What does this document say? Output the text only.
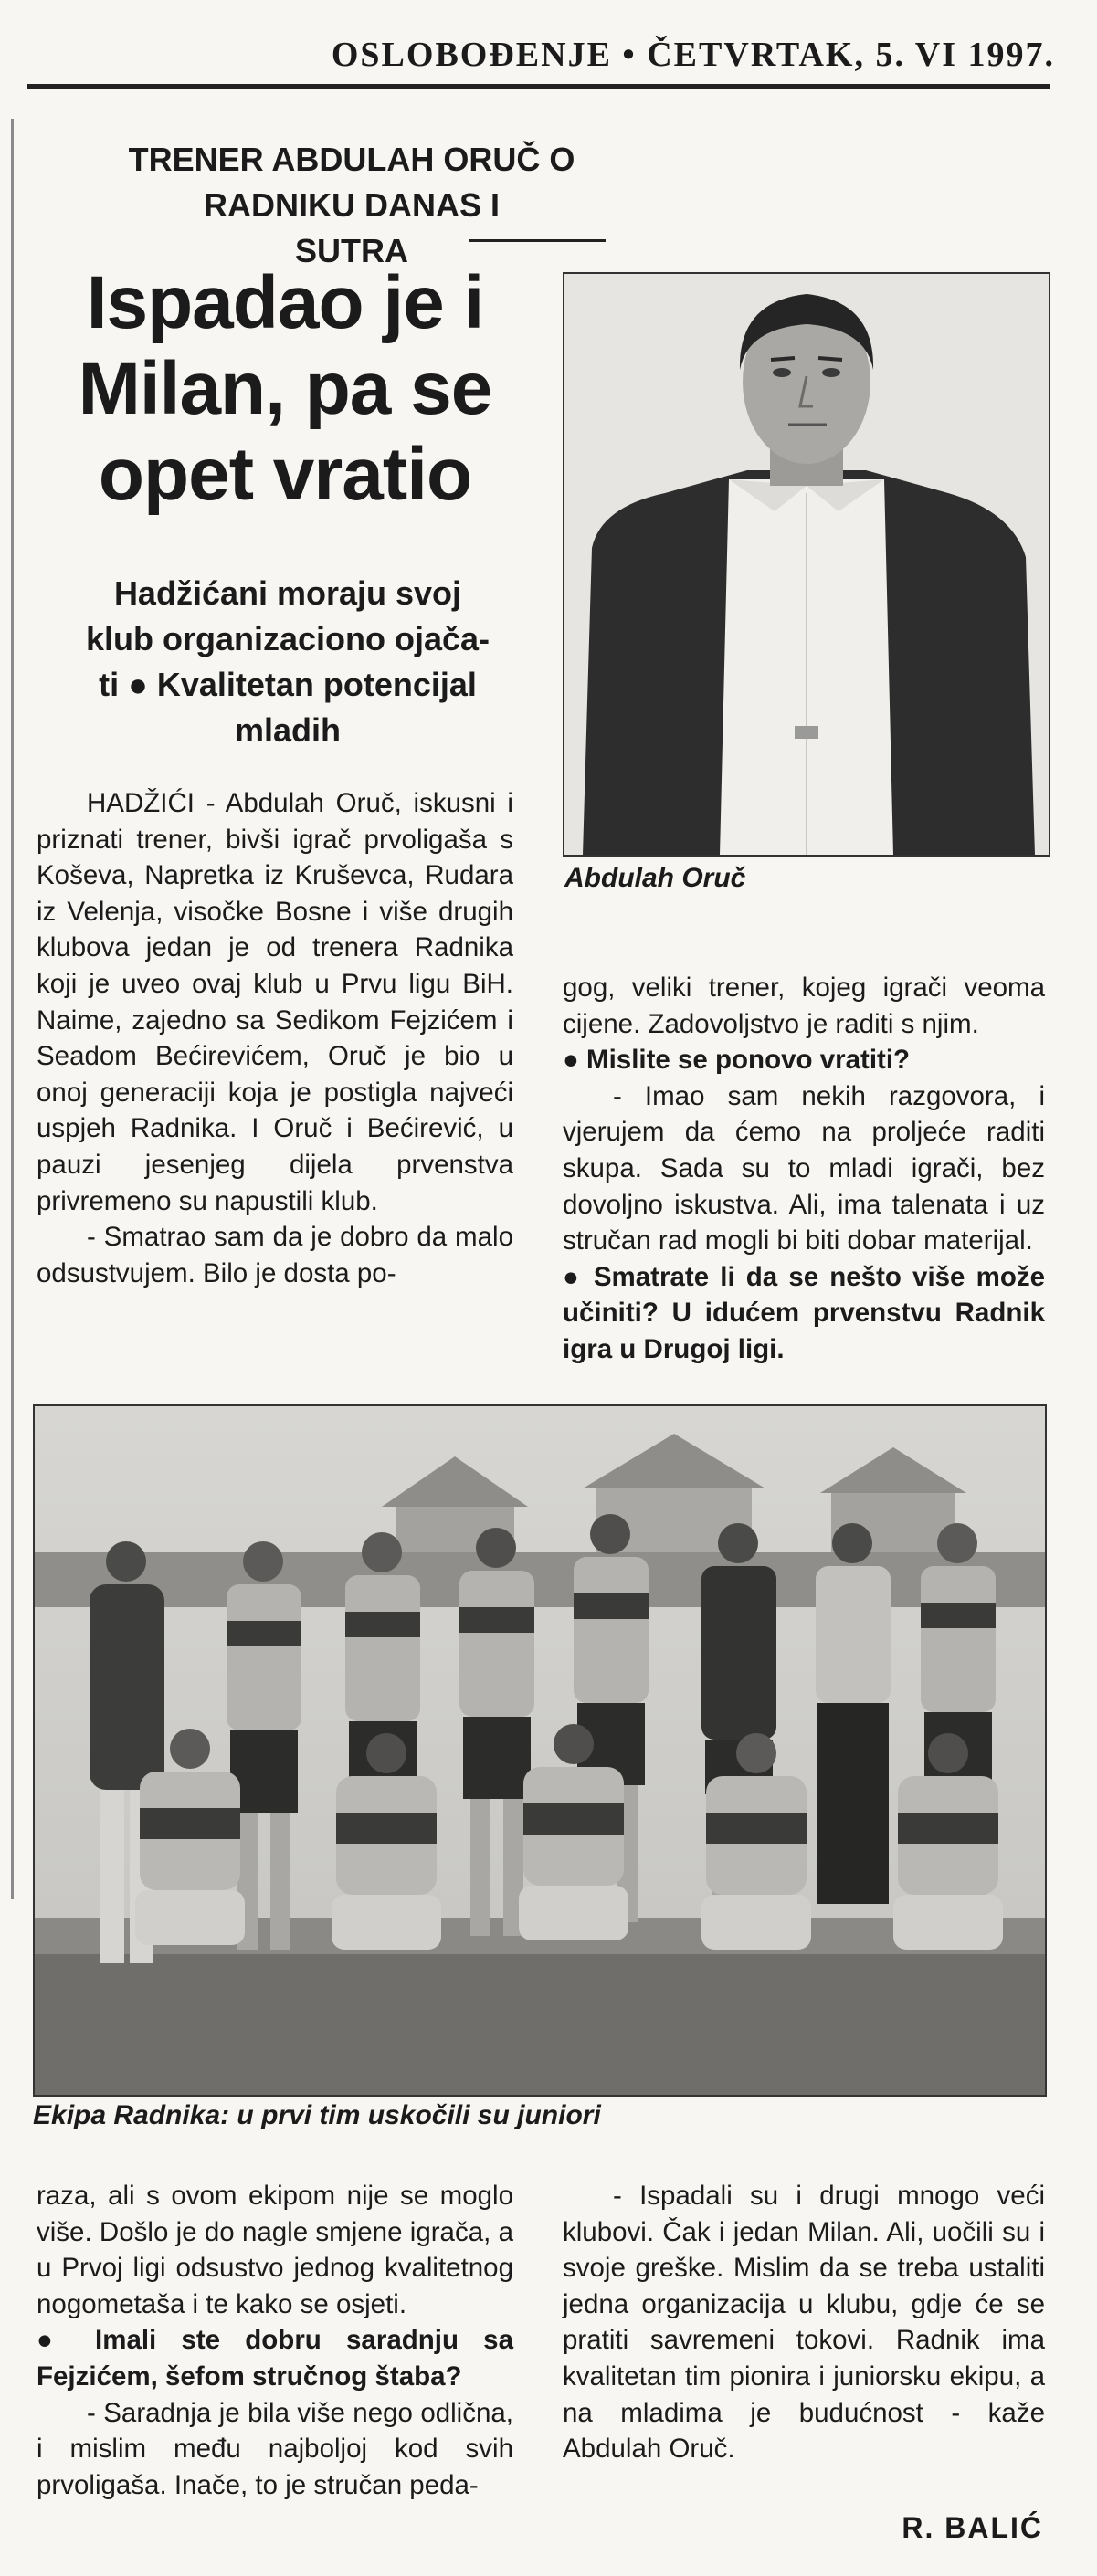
OSLOBOĐENJE • ČETVRTAK, 5. VI 1997.
TRENER ABDULAH ORUČ O RADNIKU DANAS I
SUTRA
Ispadao je i
Milan, pa se
opet vratio
Hadžićani moraju svoj
klub organizaciono ojača-
ti ● Kvalitetan potencijal
mladih
Abdulah Oruč

HADŽIĆI - Abdulah Oruč, iskusni i priznati trener, bivši igrač prvoligaša s Koševa, Napretka iz Kruševca, Rudara iz Velenja, visočke Bosne i više drugih klubova jedan je od trenera Radnika koji je uveo ovaj klub u Prvu ligu BiH. Naime, zajedno sa Sedikom Fejzićem i Seadom Bećirevićem, Oruč je bio u onoj generaciji koja je postigla najveći uspjeh Radnika. I Oruč i Bećirević, u pauzi jesenjeg dijela prvenstva privremeno su napustili klub.

- Smatrao sam da je dobro da malo odsustvujem. Bilo je dosta po-

gog, veliki trener, kojeg igrači veoma cijene. Zadovoljstvo je raditi s njim.

● Mislite se ponovo vratiti?

- Imao sam nekih razgovora, i vjerujem da ćemo na proljeće raditi skupa. Sada su to mladi igrači, bez dovoljno iskustva. Ali, ima talenata i uz stručan rad mogli bi biti dobar materijal.

● Smatrate li da se nešto više može učiniti? U idućem prvenstvu Radnik igra u Drugoj ligi.

Ekipa Radnika: u prvi tim uskočili su juniori

raza, ali s ovom ekipom nije se moglo više. Došlo je do nagle smjene igrača, a u Prvoj ligi odsustvo jednog kvalitetnog nogometaša i te kako se osjeti.

● Imali ste dobru saradnju sa Fejzićem, šefom stručnog štaba?

- Saradnja je bila više nego odlična, i mislim među najboljoj kod svih prvoligaša. Inače, to je stručan peda-

- Ispadali su i drugi mnogo veći klubovi. Čak i jedan Milan. Ali, uočili su i svoje greške. Mislim da se treba ustaliti jedna organizacija u klubu, gdje će se pratiti savremeni tokovi. Radnik ima kvalitetan tim pionira i juniorsku ekipu, a na mladima je budućnost - kaže Abdulah Oruč.

R. BALIĆ
